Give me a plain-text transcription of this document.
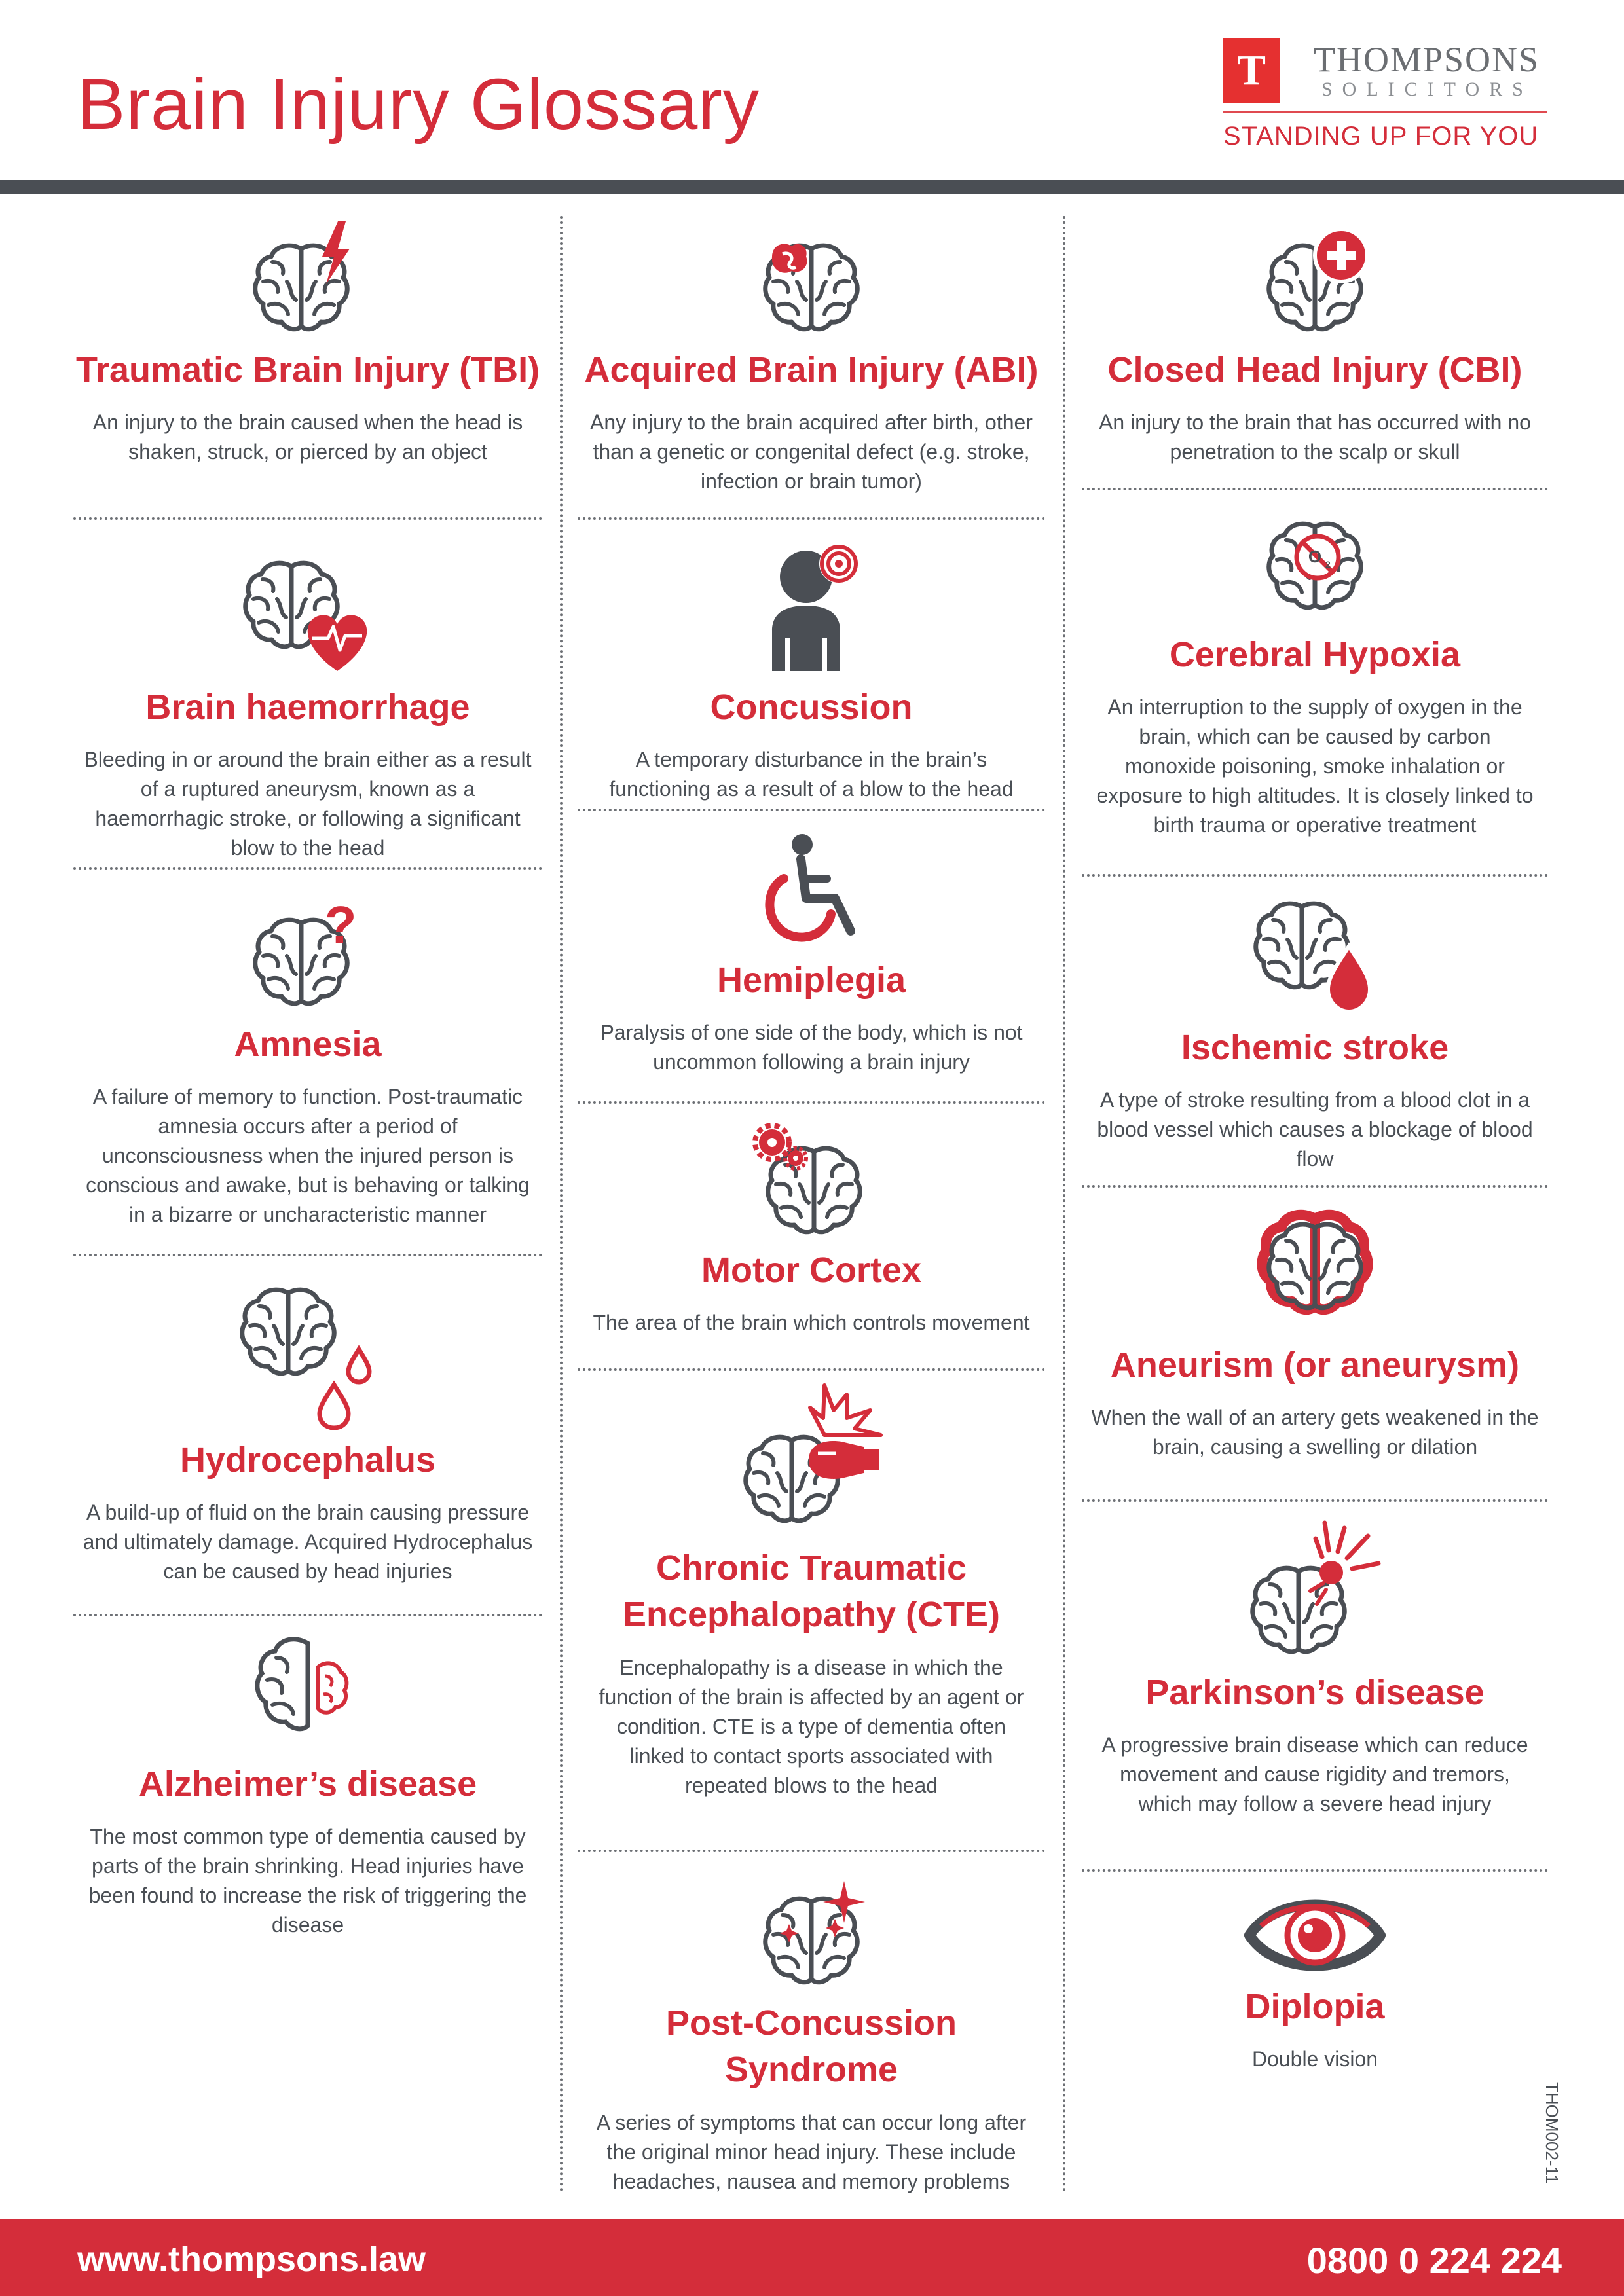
Brain Injury Glossary	T	THOMPSONS
SOLICITORS
STANDING UP FOR YOU
Traumatic Brain Injury (TBI)

An injury to the brain caused when the head is shaken, struck, or pierced by an object

Brain haemorrhage

Bleeding in or around the brain either as a result of a ruptured aneurysm, known as a haemorrhagic stroke, or following a significant blow to the head

?
Amnesia

A failure of memory to function. Post-traumatic amnesia occurs after a period of unconsciousness when the injured person is conscious and awake, but is behaving or talking in a bizarre or uncharacteristic manner

Hydrocephalus

A build-up of fluid on the brain causing pressure and ultimately damage. Acquired Hydrocephalus can be caused by head injuries

Alzheimer’s disease

The most common type of dementia caused by parts of the brain shrinking. Head injuries have been found to increase the risk of triggering the disease

Acquired Brain Injury (ABI)

Any injury to the brain acquired after birth, other than a genetic or congenital defect (e.g. stroke, infection or brain tumor)

Concussion

A temporary disturbance in the brain’s functioning as a result of a blow to the head

Hemiplegia

Paralysis of one side of the body, which is not uncommon following a brain injury

Motor Cortex

The area of the brain which controls movement

Chronic Traumatic Encephalopathy (CTE)

Encephalopathy is a disease in which the function of the brain is affected by an agent or condition. CTE is a type of dementia often linked to contact sports associated with repeated blows to the head

Post-Concussion Syndrome

A series of symptoms that can occur long after the original minor head injury. These include headaches, nausea and memory problems

Closed Head Injury (CBI)

An injury to the brain that has occurred with no penetration to the scalp or skull

O 2
Cerebral Hypoxia

An interruption to the supply of oxygen in the brain, which can be caused by carbon monoxide poisoning, smoke inhalation or exposure to high altitudes. It is closely linked to birth trauma or operative treatment

Ischemic stroke

A type of stroke resulting from a blood clot in a blood vessel which causes a blockage of blood flow

Aneurism (or aneurysm)

When the wall of an artery gets weakened in the brain, causing a swelling or dilation

Parkinson’s disease

A progressive brain disease which can reduce movement and cause rigidity and tremors, which may follow a severe head injury

Diplopia

Double vision

THOM002-11
www.thompsons.law	0800 0 224 224
